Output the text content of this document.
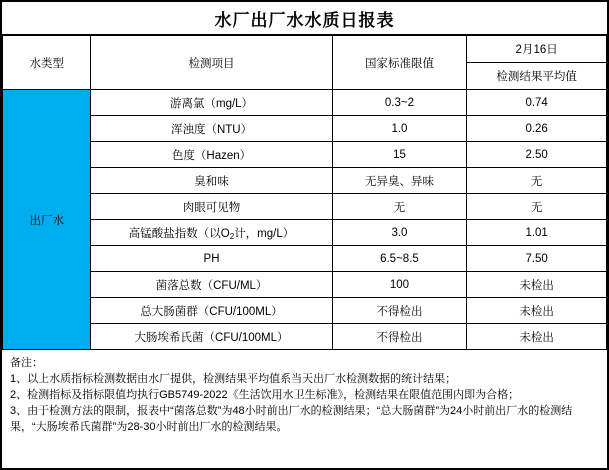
水厂出厂水水质日报表
水类型	检测项目	国家标准限值	2月16日
			检测结果平均值
出厂水	游离氯（mg/L）	0.3~2	0.74
	浑浊度（NTU）	1.0	0.26
	色度（Hazen）	15	2.50
	臭和味	无异臭、异味	无
	肉眼可见物	无	无
	高锰酸盐指数（以$O_2$计，mg/L）	3.0	1.01
	PH	6.5~8.5	7.50
	菌落总数（CFU/ML）	100	未检出
	总大肠菌群（CFU/100ML）	不得检出	未检出
	大肠埃希氏菌（CFU/100ML）	不得检出	未检出
备注：
1、以上水质指标检测数据由水厂提供，检测结果平均值系当天出厂水检测数据的统计结果；
2、检测指标及指标限值均执行GB5749-2022《生活饮用水卫生标准》，检测结果在限值范围内即为合格；
3、由于检测方法的限制，报表中“菌落总数”为48小时前出厂水的检测结果；“总大肠菌群”为24小时前出厂水的检测结果，“大肠埃希氏菌群”为28-30小时前出厂水的检测结果。
